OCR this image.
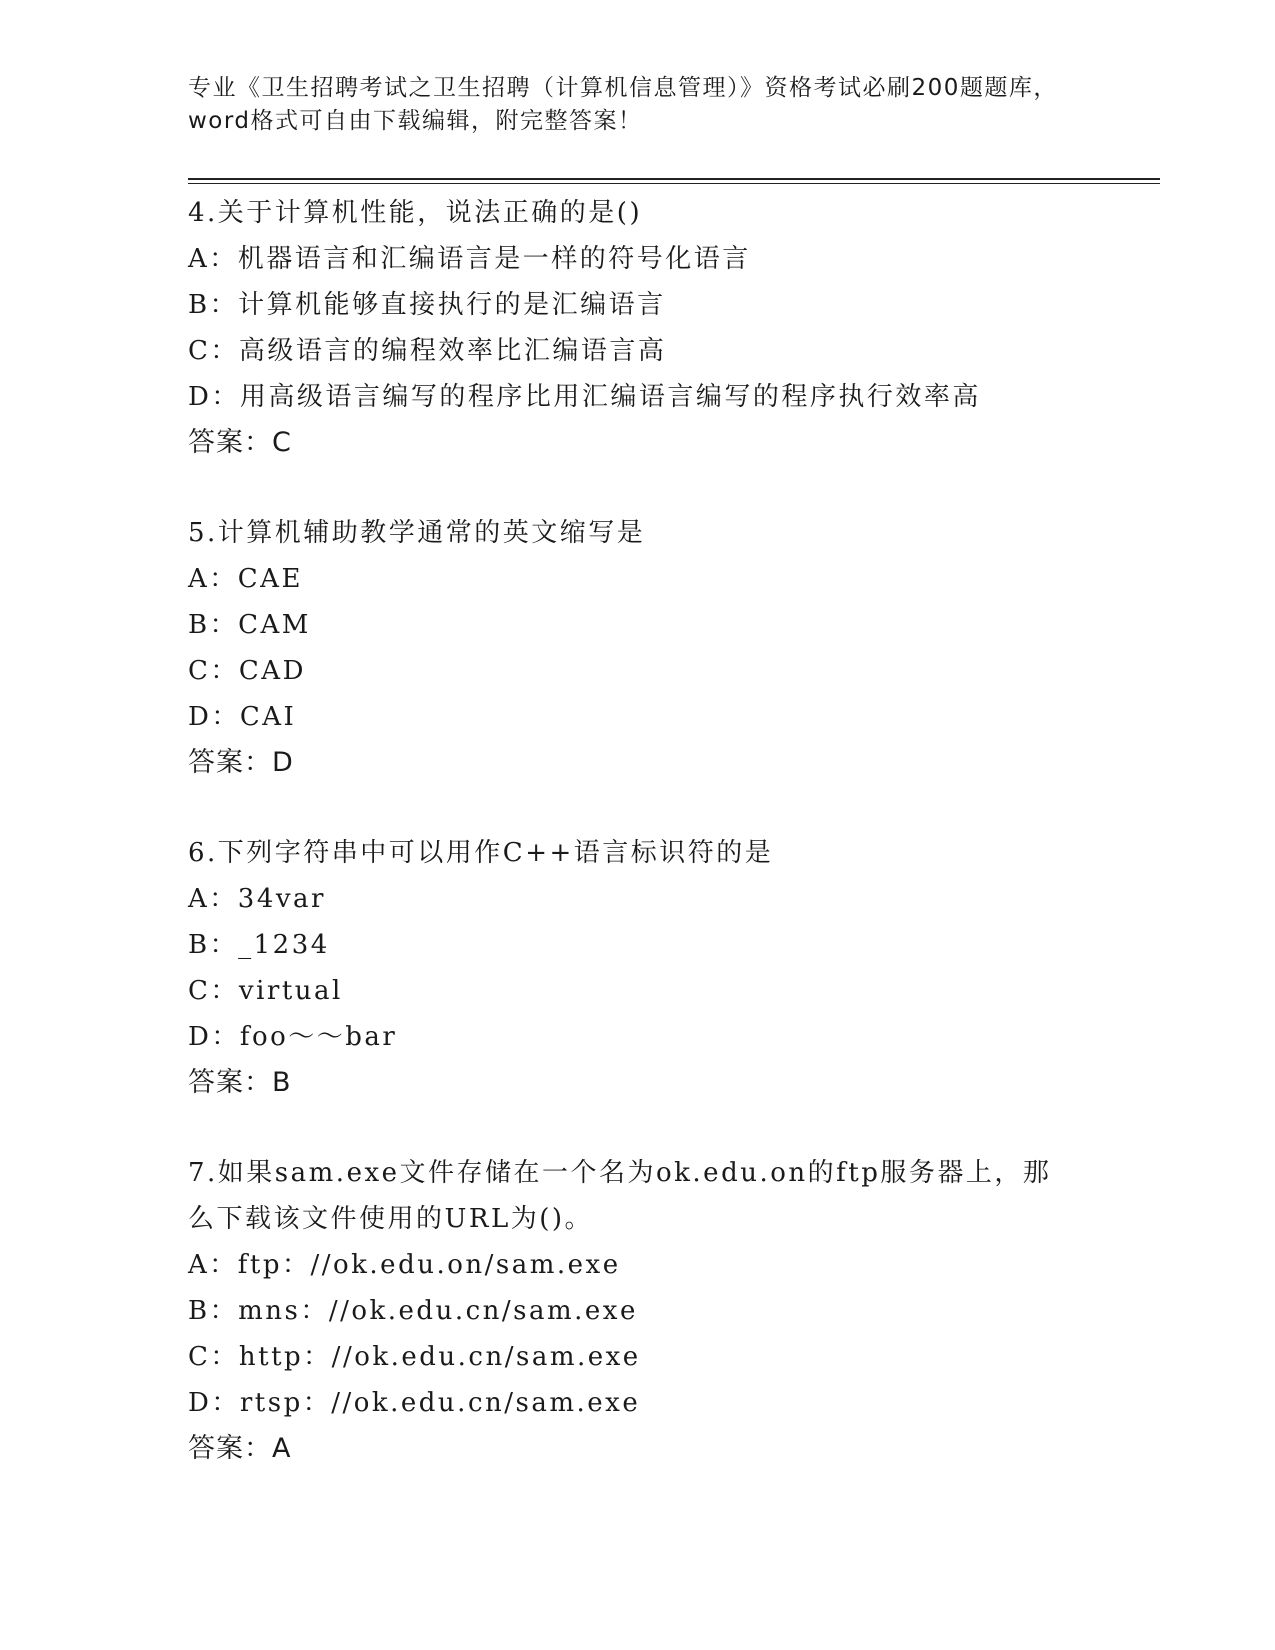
专业《卫生招聘考试之卫生招聘（计算机信息管理）》资格考试必刷200题题库，
word格式可自由下载编辑，附完整答案！
4.关于计算机性能，说法正确的是()
A：机器语言和汇编语言是一样的符号化语言
B：计算机能够直接执行的是汇编语言
C：高级语言的编程效率比汇编语言高
D：用高级语言编写的程序比用汇编语言编写的程序执行效率高
答案：C
5.计算机辅助教学通常的英文缩写是
A：CAE
B：CAM
C：CAD
D：CAI
答案：D
6.下列字符串中可以用作C++语言标识符的是
A：34var
B：_1234
C：virtual
D：foo～～bar
答案：B
7.如果sam.exe文件存储在一个名为ok.edu.on的ftp服务器上，那
么下载该文件使用的URL为()。
A：ftp：//ok.edu.on/sam.exe
B：mns：//ok.edu.cn/sam.exe
C：http：//ok.edu.cn/sam.exe
D：rtsp：//ok.edu.cn/sam.exe
答案：A
